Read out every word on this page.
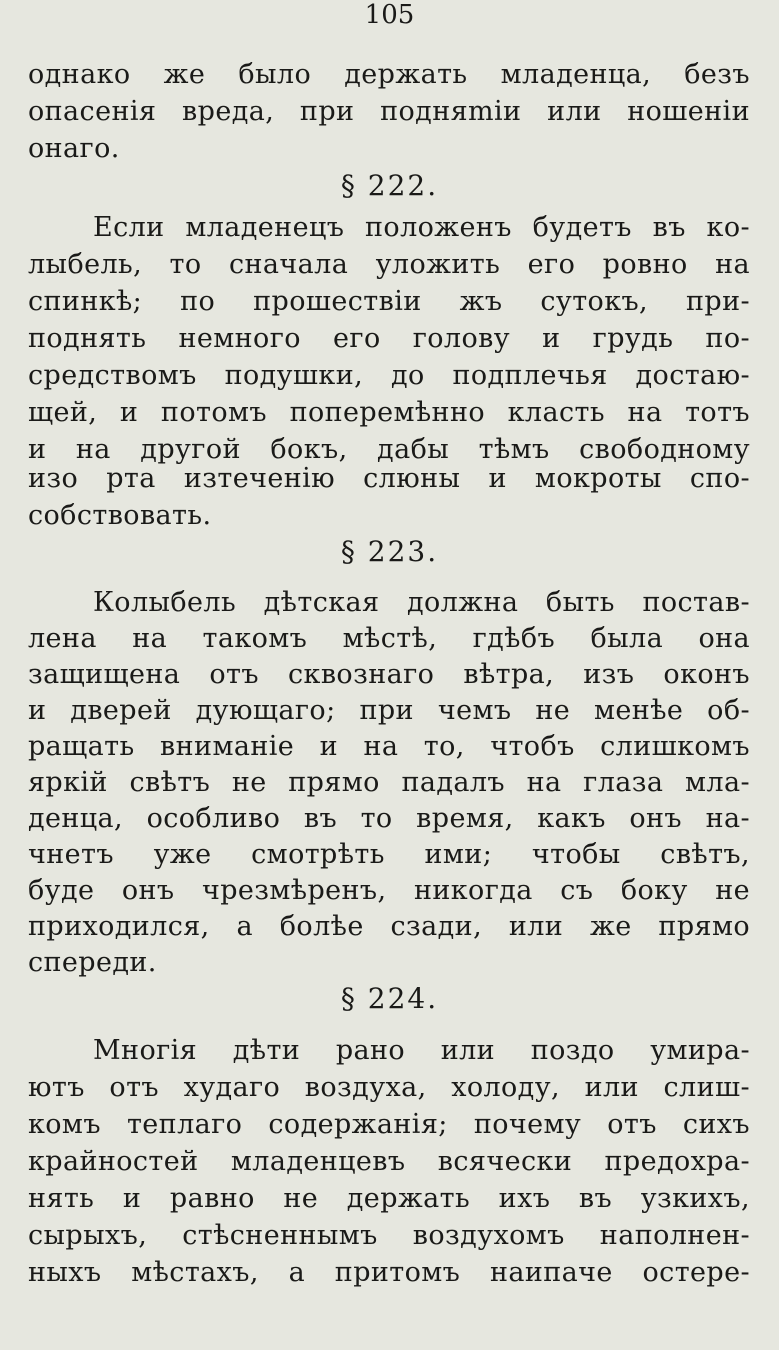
105
однако же было держать младенца, безъ
опасенія вреда, при подняmіи или ношеніи
онаго.
§ 222.
Если младенецъ положенъ будетъ въ ко-
лыбель, то сначала уложить его ровно на
спинкѣ; по прошествіи жъ сутокъ, при-
поднять немного его голову и грудь по-
средствомъ подушки, до подплечья достаю-
щей, и потомъ поперемѣнно класть на тотъ
и на другой бокъ, дабы тѣмъ свободному
изо рта изтеченію слюны и мокроты спо-
собствовать.
§ 223.
Колыбель дѣтская должна быть постав-
лена на такомъ мѣстѣ, гдѣбъ была она
защищена отъ сквознаго вѣтра, изъ оконъ
и дверей дующаго; при чемъ не менѣе об-
ращать вниманіе и на то, чтобъ слишкомъ
яркій свѣтъ не прямо падалъ на глаза мла-
денца, особливо въ то время, какъ онъ на-
чнетъ уже смотрѣть ими; чтобы свѣтъ,
буде онъ чрезмѣренъ, никогда съ боку не
приходился, а болѣе сзади, или же прямо
спереди.
§ 224.
Многія дѣти рано или поздо умира-
ютъ отъ худаго воздуха, холоду, или слиш-
комъ теплаго содержанія; почему отъ сихъ
крайностей младенцевъ всячески предохра-
нять и равно не держать ихъ въ узкихъ,
сырыхъ, стѣсненнымъ воздухомъ наполнен-
ныхъ мѣстахъ, а притомъ наипаче остере-
